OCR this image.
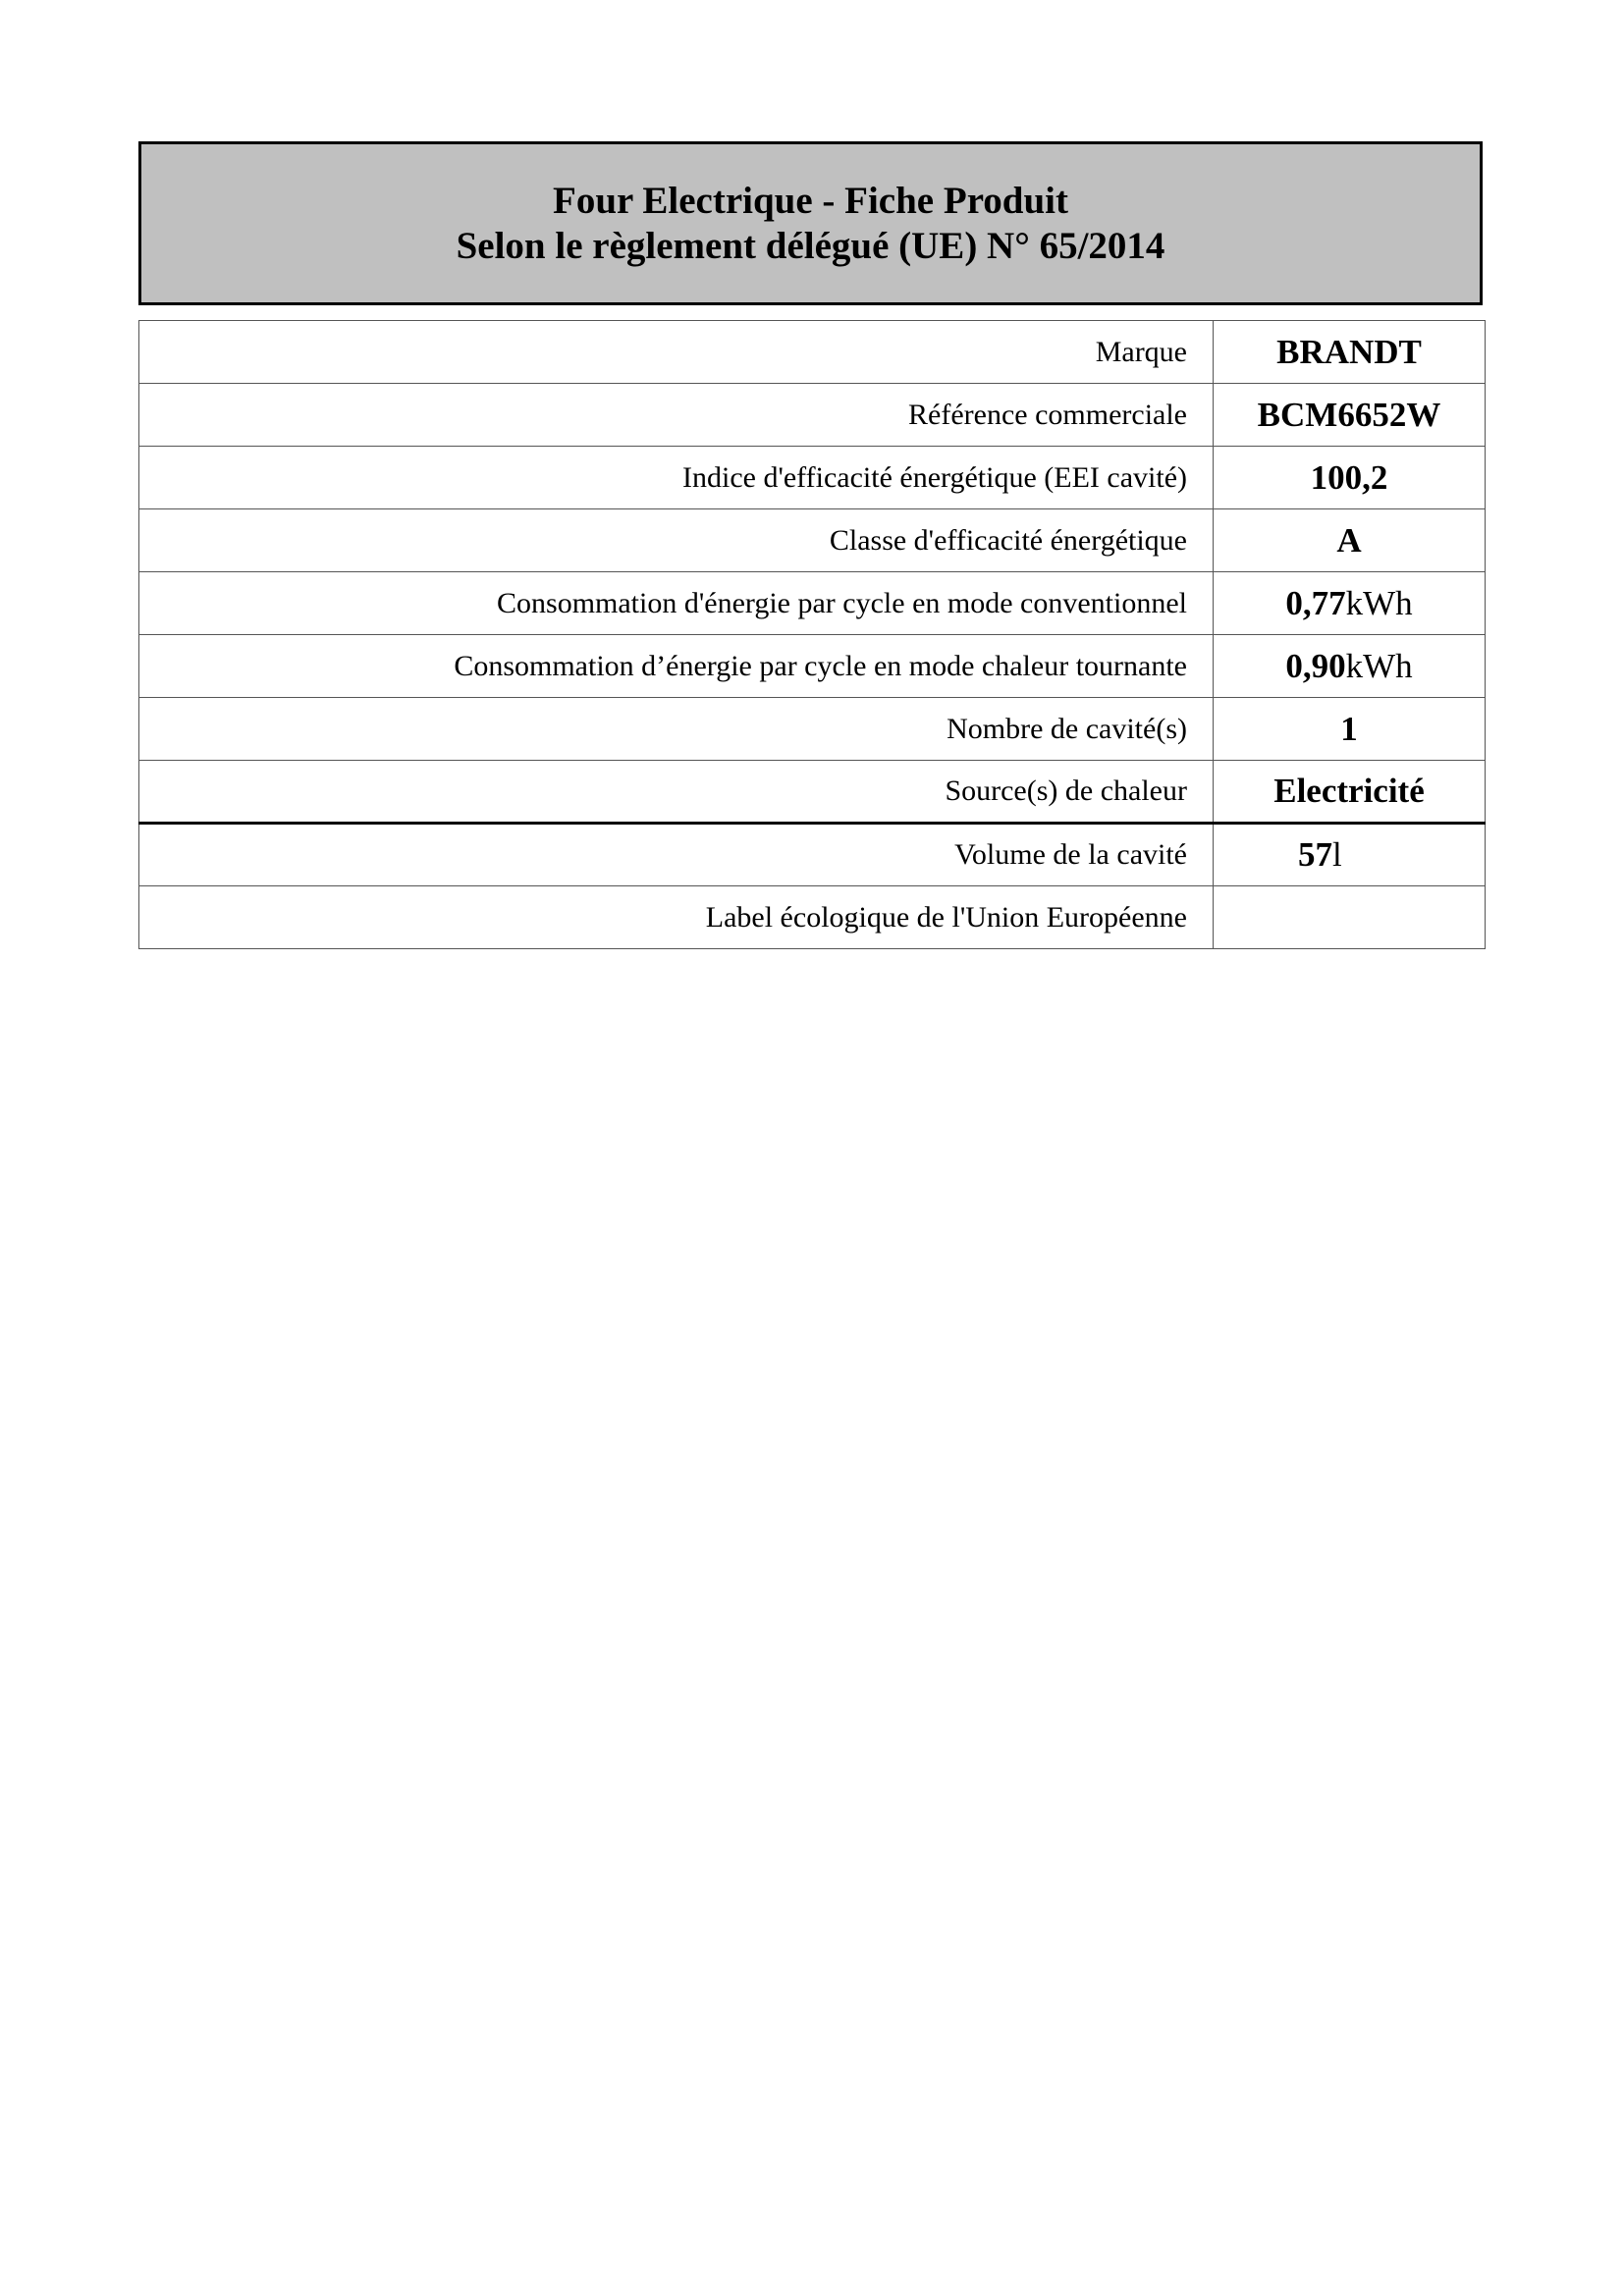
Four Electrique - Fiche Produit
Selon le règlement délégué (UE) N° 65/2014
Marque	BRANDT
Référence commerciale	BCM6652W
Indice d'efficacité énergétique (EEI cavité)	100,2
Classe d'efficacité énergétique	A
Consommation d'énergie par cycle en mode conventionnel	0,77kWh
Consommation d’énergie par cycle en mode chaleur tournante	0,90kWh
Nombre de cavité(s)	1
Source(s) de chaleur	Electricité
Volume de la cavité	57l
Label écologique de l'Union Européenne	
